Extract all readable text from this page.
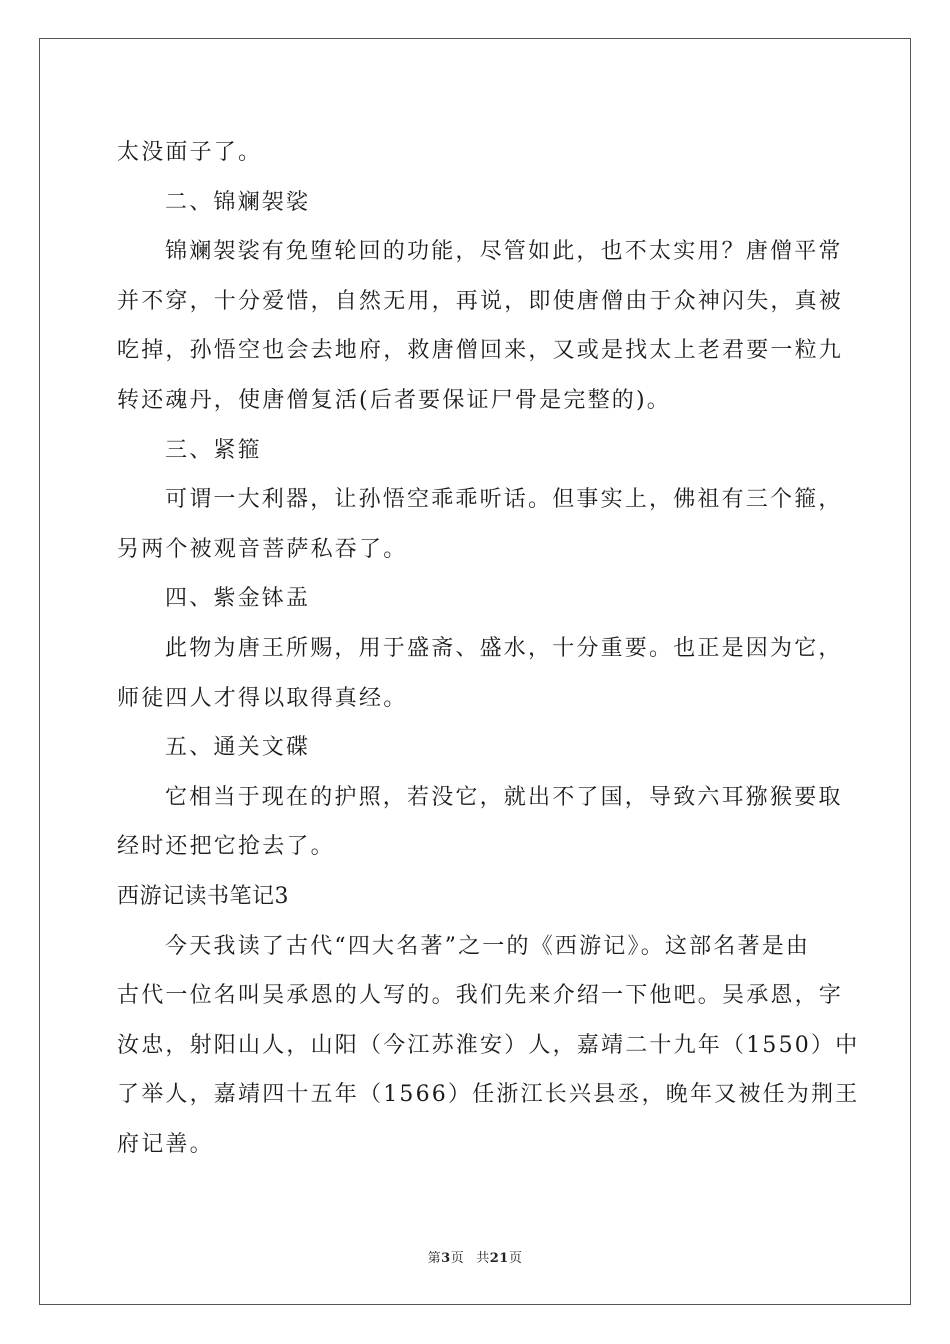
太没面子了。
二、锦斓袈裟
锦斓袈裟有免堕轮回的功能，尽管如此，也不太实用？唐僧平常
并不穿，十分爱惜，自然无用，再说，即使唐僧由于众神闪失，真被
吃掉，孙悟空也会去地府，救唐僧回来，又或是找太上老君要一粒九
转还魂丹，使唐僧复活(后者要保证尸骨是完整的)。
三、紧箍
可谓一大利器，让孙悟空乖乖听话。但事实上，佛祖有三个箍，
另两个被观音菩萨私吞了。
四、紫金钵盂
此物为唐王所赐，用于盛斋、盛水，十分重要。也正是因为它，
师徒四人才得以取得真经。
五、通关文碟
它相当于现在的护照，若没它，就出不了国，导致六耳猕猴要取
经时还把它抢去了。
西游记读书笔记3
今天我读了古代“四大名著”之一的《西游记》。这部名著是由
古代一位名叫吴承恩的人写的。我们先来介绍一下他吧。吴承恩，字
汝忠，射阳山人，山阳（今江苏淮安）人，嘉靖二十九年（1550）中
了举人，嘉靖四十五年（1566）任浙江长兴县丞，晚年又被任为荆王
府记善。
第3页 共21页
